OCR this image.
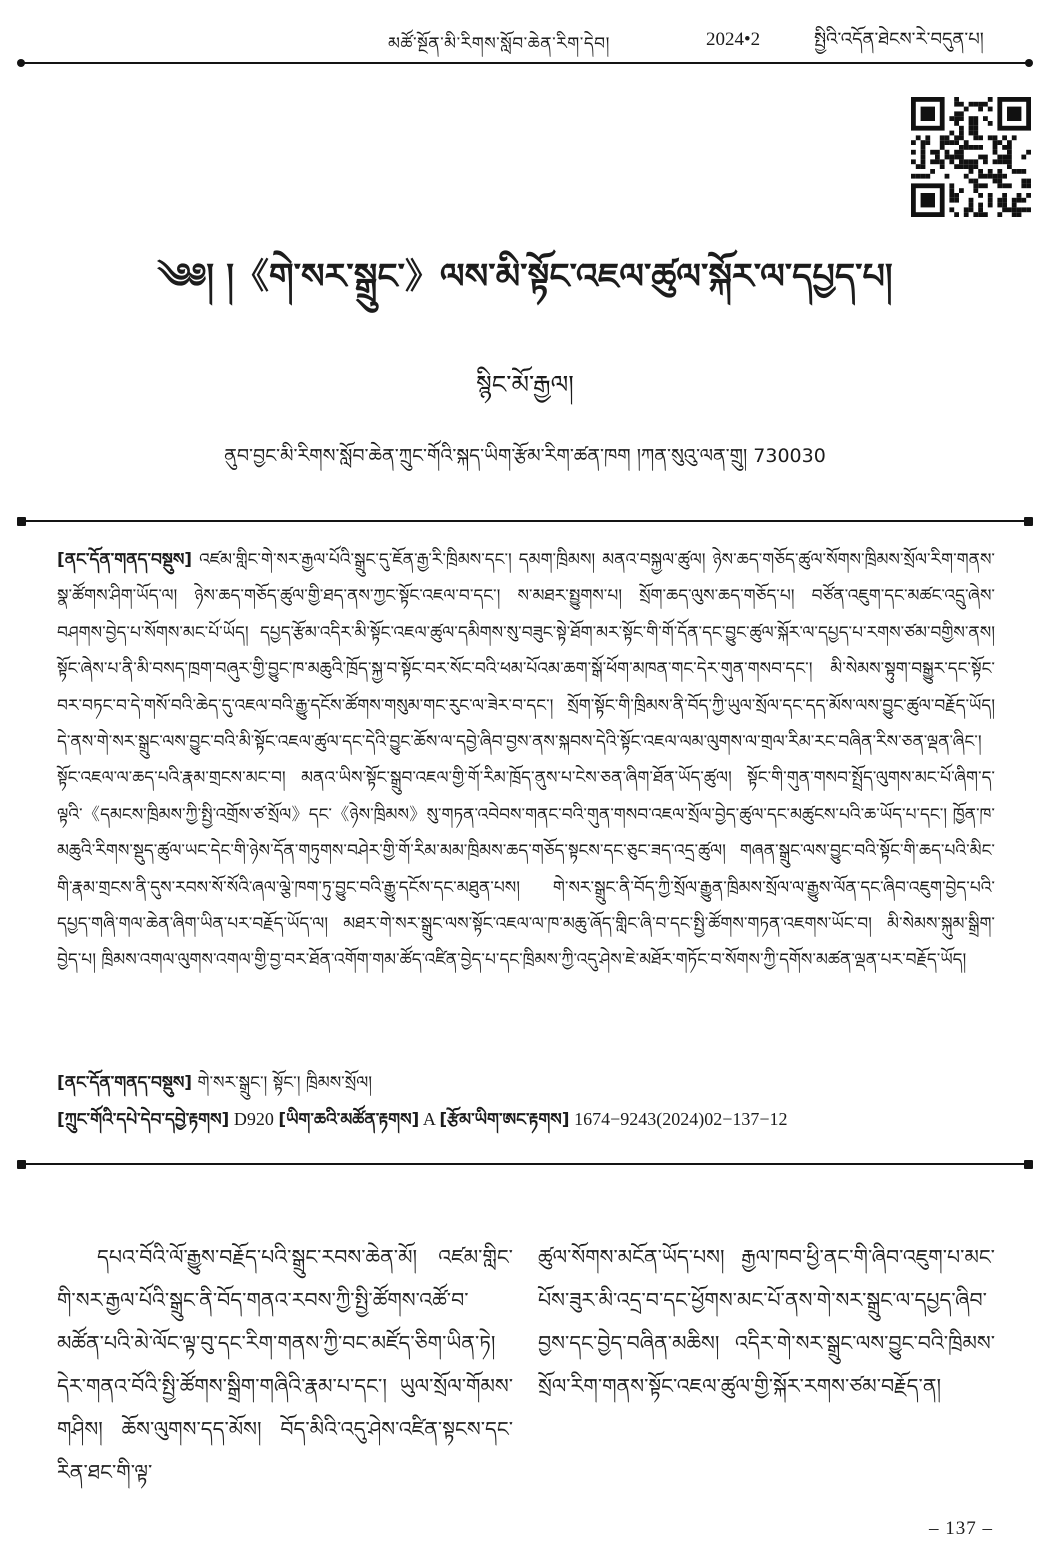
མཚོ་སྔོན་མི་རིགས་སློབ་ཆེན་རིག་དེབ།	2024•2	སྤྱིའི་འདོན་ཐེངས་རེ་བདུན་པ།
༄༅། །《གེ་སར་སྒྲུང་》ལས་མི་སྟོང་འཇལ་ཚུལ་སྐོར་ལ་དཔྱད་པ།
སྙིང་མོ་རྒྱལ།
ནུབ་བྱང་མི་རིགས་སློབ་ཆེན་ཀྲུང་གོའི་སྐད་ཡིག་རྩོམ་རིག་ཚན་ཁག །ཀན་སུའུ་ལན་གྲུ། 730030
[ནང་དོན་གནད་བསྡུས] འཛམ་གླིང་གེ་སར་རྒྱལ་པོའི་སྒྲུང་དུ་ཇོན་རྒྱ་རི་ཁྲིམས་དང་། དམག་ཁྲིམས། མནའ་བསྐྱལ་ཚུལ། ཉེས་ཆད་གཅོད་ཚུལ་སོགས་ཁྲིམས་སྲོལ་རིག་གནས་སྣ་ཚོགས་ཤིག་ཡོད་ལ། ཉེས་ཆད་གཅོད་ཚུལ་གྱི་ཐད་ནས་ཀྱང་སྟོང་འཇལ་བ་དང་། ས་མཐར་སྤྱུགས་པ། སྲོག་ཆད་ལུས་ཆད་གཅོད་པ། བཙོན་འཇུག་དང་མཚང་འདྲུ་ཞེས་བཤགས་བྱེད་པ་སོགས་མང་པོ་ཡོད། དཔྱད་རྩོམ་འདིར་མི་སྟོང་འཇལ་ཚུལ་དམིགས་སུ་བཟུང་སྟེ་ཐོག་མར་སྟོང་གི་གོ་དོན་དང་བྱུང་ཚུལ་སྐོར་ལ་དཔྱད་པ་རགས་ཙམ་བགྱིས་ནས། སྟོང་ཞེས་པ་ནི་མི་བསད་ཁྲག་བཞུར་གྱི་བྱུང་ཁ་མཆུའི་ཁྲོད་སྐྱ་བ་སྟོང་བར་སོང་བའི་ཕམ་པོའམ་ཆག་སྒོ་ཕོག་མཁན་གང་དེར་གུན་གསབ་དང་། མི་སེམས་སྟུག་བསྒྱུར་དང་སྟོང་བར་བཏང་བ་དེ་གསོ་བའི་ཆེད་དུ་འཇལ་བའི་རྒྱུ་དངོས་ཚོགས་གསུམ་གང་རུང་ལ་ཟེར་བ་དང་། སྲོག་སྟོང་གི་ཁྲིམས་ནི་བོད་ཀྱི་ཡུལ་སྲོལ་དང་དད་མོས་ལས་བྱུང་ཚུལ་བརྗོད་ཡོད། དེ་ནས་གེ་སར་སྒྲུང་ལས་བྱུང་བའི་མི་སྟོང་འཇལ་ཚུལ་དང་དེའི་བྱུང་ཆོས་ལ་དབྱེ་ཞིབ་བྱས་ནས་སྐབས་དེའི་སྟོང་འཇལ་ལམ་ལུགས་ལ་གྲལ་རིམ་རང་བཞིན་རིས་ཅན་ལྡན་ཞིང་། སྟོང་འཇལ་ལ་ཆད་པའི་རྣམ་གྲངས་མང་བ། མནའ་ཡིས་སྟོང་སྒྲུབ་འཇལ་གྱི་གོ་རིམ་ཁྲོད་ནུས་པ་ངེས་ཅན་ཞིག་ཐོན་ཡོད་ཚུལ། སྟོང་གི་གུན་གསབ་སྤྲོད་ལུགས་མང་པོ་ཞིག་ད་ལྟའི་《དམངས་ཁྲིམས་ཀྱི་སྤྱི་འགྲོས་ཙ་སྲོལ》དང་《ཉེས་ཁྲིམས》སུ་གཏན་འབེབས་གནང་བའི་གུན་གསབ་འཇལ་སྲོལ་བྱེད་ཚུལ་དང་མཚུངས་པའི་ཆ་ཡོད་པ་དང་། ཁྱོན་ཁ་མཆུའི་རིགས་སྡུད་ཚུལ་ཡང་དེང་གི་ཉེས་དོན་གཏུགས་བཤེར་གྱི་གོ་རིམ་མམ་ཁྲིམས་ཆད་གཅོད་སྟངས་དང་ཅུང་ཟད་འདྲ་ཚུལ། གཞན་སྒྲུང་ལས་བྱུང་བའི་སྟོང་གི་ཆད་པའི་མིང་གི་རྣམ་གྲངས་ནི་དུས་རབས་སོ་སོའི་ཞལ་ལྕེ་ཁག་ཏུ་བྱུང་བའི་རྒྱུ་དངོས་དང་མཐུན་པས། གེ་སར་སྒྲུང་ནི་བོད་ཀྱི་སྲོལ་རྒྱུན་ཁྲིམས་སྲོལ་ལ་རྒྱུས་ལོན་དང་ཞིབ་འཇུག་བྱེད་པའི་དཔྱད་གཞི་གལ་ཆེན་ཞིག་ཡིན་པར་བརྗོད་ཡོད་ལ། མཐར་གེ་སར་སྒྲུང་ལས་སྟོང་འཇལ་ལ་ཁ་མཆུ་ཞོད་གླིང་ཞི་བ་དང་སྤྱི་ཚོགས་གཏན་འཇགས་ཡོང་བ། མི་སེམས་སྐུམ་སྒྲིག་བྱེད་པ། ཁྲིམས་འགལ་ལུགས་འགལ་གྱི་བྱ་བར་ཐོན་འགོག་གམ་ཚོད་འཛིན་བྱེད་པ་དང་ཁྲིམས་ཀྱི་འདུ་ཤེས་ཇེ་མཐོར་གཏོང་བ་སོགས་ཀྱི་དགོས་མཚན་ལྡན་པར་བརྗོད་ཡོད།
[ནང་དོན་གནད་བསྡུས] གེ་སར་སྒྲུང་། སྟོང་། ཁྲིམས་སྲོལ།
[ཀྲུང་གོའི་དཔེ་དེབ་དབྱེ་རྟགས] D920 [ཡིག་ཆའི་མཚོན་རྟགས] A [རྩོམ་ཡིག་ཨང་རྟགས] 1674−9243(2024)02−137−12
དཔའ་བོའི་ལོ་རྒྱུས་བརྗོད་པའི་སྒྲུང་རབས་ཆེན་མོ། འཛམ་གླིང་གི་སར་རྒྱལ་པོའི་སྒྲུང་ནི་བོད་གནའ་རབས་ཀྱི་སྤྱི་ཚོགས་འཚོ་བ་མཚོན་པའི་མེ་ལོང་ལྟ་བུ་དང་རིག་གནས་ཀྱི་བང་མཛོད་ཅིག་ཡིན་ཏེ། དེར་གནའ་བོའི་སྤྱི་ཚོགས་སྒྲིག་གཞིའི་རྣམ་པ་དང་། ཡུལ་སྲོལ་གོམས་གཤིས། ཆོས་ལུགས་དད་མོས། བོད་མིའི་འདུ་ཤེས་འཛིན་སྟངས་དང་རིན་ཐང་གི་ལྟ་
ཚུལ་སོགས་མངོན་ཡོད་པས། རྒྱལ་ཁབ་ཕྱི་ནང་གི་ཞིབ་འཇུག་པ་མང་པོས་ཟུར་མི་འདྲ་བ་དང་ཕྱོགས་མང་པོ་ནས་གེ་སར་སྒྲུང་ལ་དཔྱད་ཞིབ་བྱས་དང་བྱེད་བཞིན་མཆིས། འདིར་གེ་སར་སྒྲུང་ལས་བྱུང་བའི་ཁྲིམས་སྲོལ་རིག་གནས་སྟོང་འཇལ་ཚུལ་གྱི་སྐོར་རགས་ཙམ་བརྗོད་ན།
– 137 –
